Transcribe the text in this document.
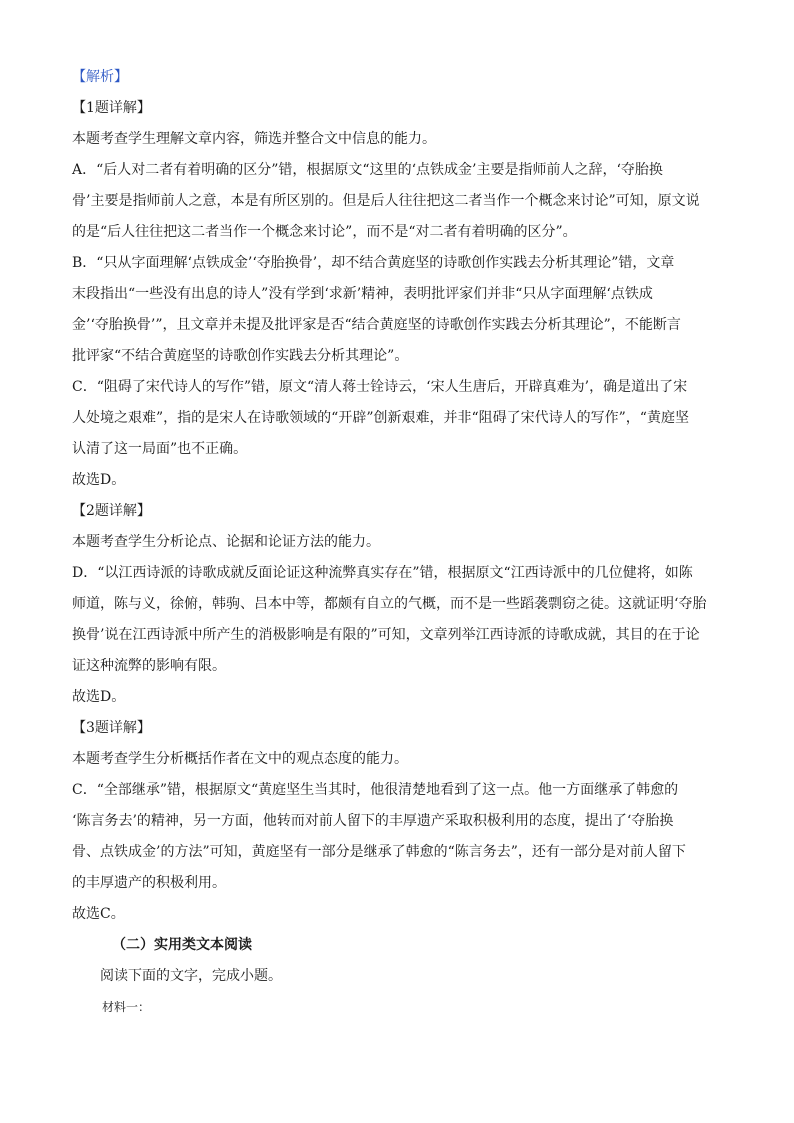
【解析】
【1题详解】
本题考查学生理解文章内容，筛选并整合文中信息的能力。
A．“后人对二者有着明确的区分”错，根据原文“这里的‘点铁成金’主要是指师前人之辞，‘夺胎换
骨’主要是指师前人之意，本是有所区别的。但是后人往往把这二者当作一个概念来讨论”可知，原文说
的是“后人往往把这二者当作一个概念来讨论”，而不是“对二者有着明确的区分”。
B．“只从字面理解‘点铁成金’‘夺胎换骨’，却不结合黄庭坚的诗歌创作实践去分析其理论”错，文章
末段指出“一些没有出息的诗人”没有学到‘求新’精神，表明批评家们并非“只从字面理解‘点铁成
金’‘夺胎换骨’”，且文章并未提及批评家是否“结合黄庭坚的诗歌创作实践去分析其理论”，不能断言
批评家“不结合黄庭坚的诗歌创作实践去分析其理论”。
C．“阻碍了宋代诗人的写作”错，原文“清人蒋士铨诗云，‘宋人生唐后，开辟真难为’，确是道出了宋
人处境之艰难”，指的是宋人在诗歌领域的“开辟”创新艰难，并非“阻碍了宋代诗人的写作”，“黄庭坚
认清了这一局面”也不正确。
故选D。
【2题详解】
本题考查学生分析论点、论据和论证方法的能力。
D．“以江西诗派的诗歌成就反面论证这种流弊真实存在”错，根据原文“江西诗派中的几位健将，如陈
师道，陈与义，徐俯，韩驹、吕本中等，都颇有自立的气概，而不是一些蹈袭剽窃之徒。这就证明‘夺胎
换骨’说在江西诗派中所产生的消极影响是有限的”可知，文章列举江西诗派的诗歌成就，其目的在于论
证这种流弊的影响有限。
故选D。
【3题详解】
本题考查学生分析概括作者在文中的观点态度的能力。
C．“全部继承”错，根据原文“黄庭坚生当其时，他很清楚地看到了这一点。他一方面继承了韩愈的
‘陈言务去’的精神，另一方面，他转而对前人留下的丰厚遗产采取积极利用的态度，提出了‘夺胎换
骨、点铁成金’的方法”可知，黄庭坚有一部分是继承了韩愈的“陈言务去”，还有一部分是对前人留下
的丰厚遗产的积极利用。
故选C。
（二）实用类文本阅读
阅读下面的文字，完成小题。
材料一：
